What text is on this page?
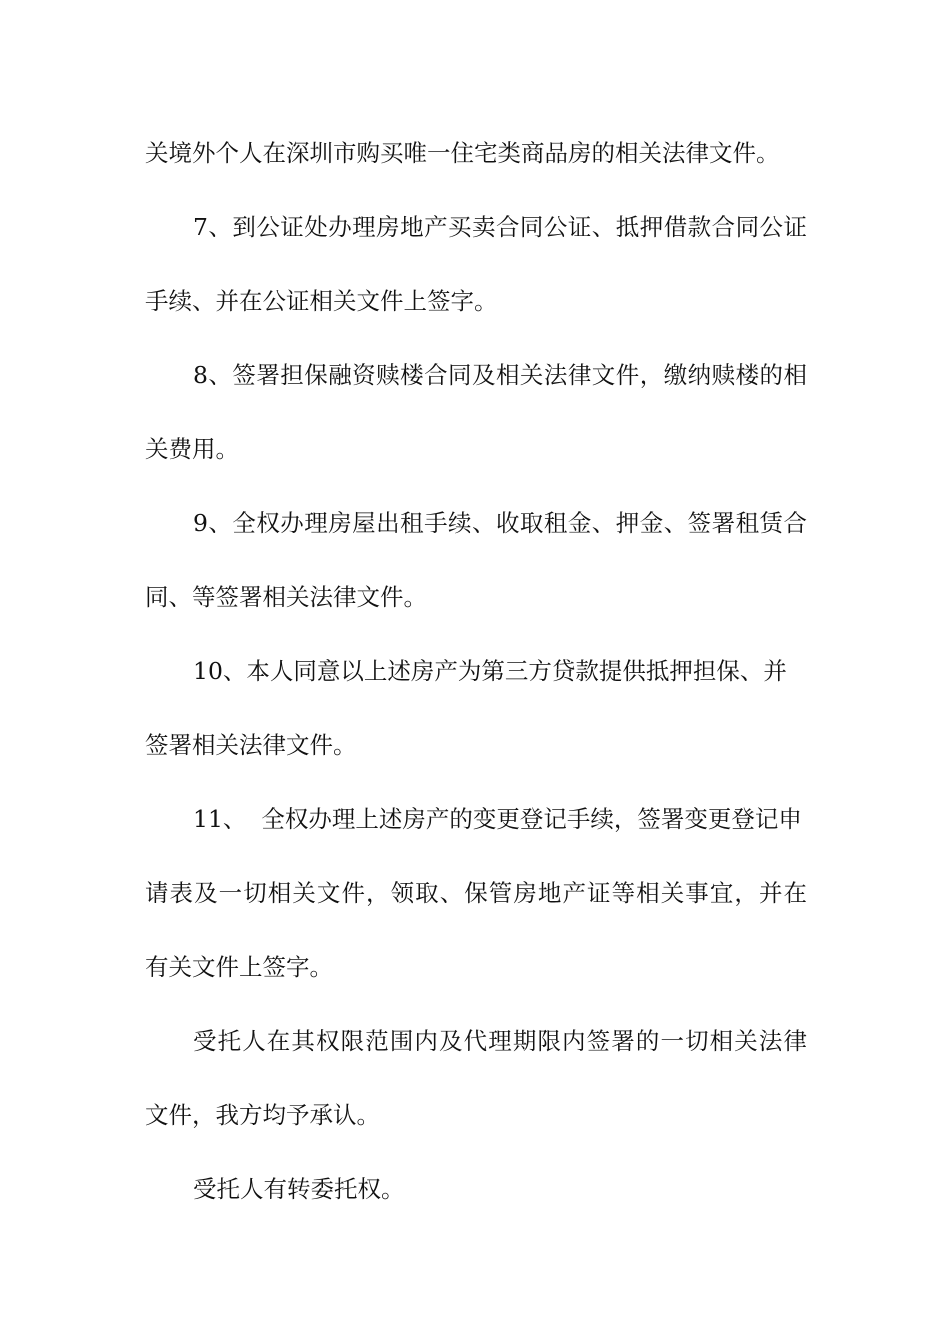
关境外个人在深圳市购买唯一住宅类商品房的相关法律文件。
7、到公证处办理房地产买卖合同公证、抵押借款合同公证
手续、并在公证相关文件上签字。
8、签署担保融资赎楼合同及相关法律文件，缴纳赎楼的相
关费用。
9、全权办理房屋出租手续、收取租金、押金、签署租赁合
同、等签署相关法律文件。
10、本人同意以上述房产为第三方贷款提供抵押担保、并
签署相关法律文件。
11、  全权办理上述房产的变更登记手续，签署变更登记申
请表及一切相关文件，领取、保管房地产证等相关事宜，并在
有关文件上签字。
受托人在其权限范围内及代理期限内签署的一切相关法律
文件，我方均予承认。
受托人有转委托权。
